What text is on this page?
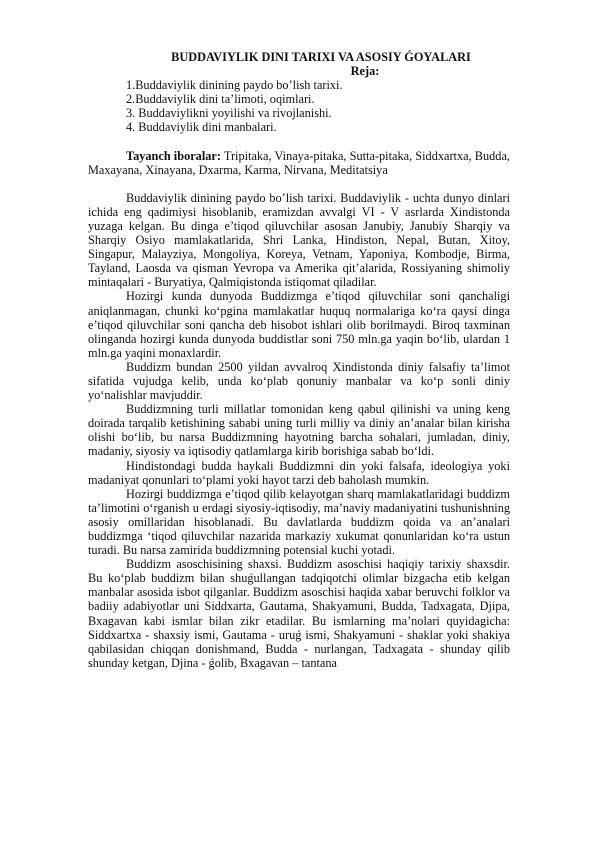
BUDDAVIYLIK DINI TARIXI VA ASOSIY ǴOYALARI

Reja:

1.Buddaviylik dinining paydo bo’lish tarixi.
2.Buddaviylik dini ta’limoti, oqimlari.
3. Buddaviylikni yoyilishi va rivojlanishi.
4. Buddaviylik dini manbalari.

Tayanch iboralar: Tripitaka, Vinaya-pitaka, Sutta-pitaka, Siddxartxa, Budda, Maxayana, Xinayana, Dxarma, Karma, Nirvana, Meditatsiya

Buddaviylik dinining paydo bo’lish tarixi. Buddaviylik - uchta dunyo dinlari ichida eng qadimiysi hisoblanib, eramizdan avvalgi VI - V asrlarda Xindistonda yuzaga kelgan. Bu dinga e’tiqod qiluvchilar asosan Janubiy, Janubiy Sharqiy va Sharqiy Osiyo mamlakatlarida, Shri Lanka, Hindiston, Nepal, Butan, Xitoy, Singapur, Malayziya, Mongoliya, Koreya, Vetnam, Yaponiya, Kombodje, Birma, Tayland, Laosda va qisman Yevropa va Amerika qit’alarida, Rossiyaning shimoliy mintaqalari - Buryatiya, Qalmiqistonda istiqomat qiladilar.

Hozirgi kunda dunyoda Buddizmga e’tiqod qiluvchilar soni qanchaligi aniqlanmagan, chunki ko‘pgina mamlakatlar huquq normalariga ko‘ra qaysi dinga e’tiqod qiluvchilar soni qancha deb hisobot ishlari olib borilmaydi. Biroq taxminan olinganda hozirgi kunda dunyoda buddistlar soni 750 mln.ga yaqin bo‘lib, ulardan 1 mln.ga yaqini monaxlardir.

Buddizm bundan 2500 yildan avvalroq Xindistonda diniy falsafiy ta’limot sifatida vujudga kelib, unda ko‘plab qonuniy manbalar va ko‘p sonli diniy yo‘nalishlar mavjuddir.

Buddizmning turli millatlar tomonidan keng qabul qilinishi va uning keng doirada tarqalib ketishining sababi uning turli milliy va diniy an’analar bilan kirisha olishi bo‘lib, bu narsa Buddizmning hayotning barcha sohalari, jumladan, diniy, madaniy, siyosiy va iqtisodiy qatlamlarga kirib borishiga sabab bo‘ldi.

Hindistondagi budda haykali Buddizmni din yoki falsafa, ideologiya yoki madaniyat qonunlari to‘plami yoki hayot tarzi deb baholash mumkin.

Hozirgi buddizmga e’tiqod qilib kelayotgan sharq mamlakatlaridagi buddizm ta’limotini o‘rganish u erdagi siyosiy-iqtisodiy, ma’naviy madaniyatini tushunishning asosiy omillaridan hisoblanadi. Bu davlatlarda buddizm qoida va an’analari buddizmga ‘tiqod qiluvchilar nazarida markaziy xukumat qonunlaridan ko‘ra ustun turadi. Bu narsa zamirida buddizmning potensial kuchi yotadi.

Buddizm asoschisining shaxsi. Buddizm asoschisi haqiqiy tarixiy shaxsdir. Bu ko‘plab buddizm bilan shuǵullangan tadqiqotchi olimlar bizgacha etib kelgan manbalar asosida isbot qilganlar. Buddizm asoschisi haqida xabar beruvchi folklor va badiiy adabiyotlar uni Siddxarta, Gautama, Shakyamuni, Budda, Tadxagata, Djipa, Bxagavan kabi ismlar bilan zikr etadilar. Bu ismlarning ma’nolari quyidagicha: Siddxartxa - shaxsiy ismi, Gautama - uruǵ ismi, Shakyamuni - shaklar yoki shakiya qabilasidan chiqqan donishmand, Budda - nurlangan, Tadxagata - shunday qilib shunday ketgan, Djina - ǵolib, Bxagavan – tantana
